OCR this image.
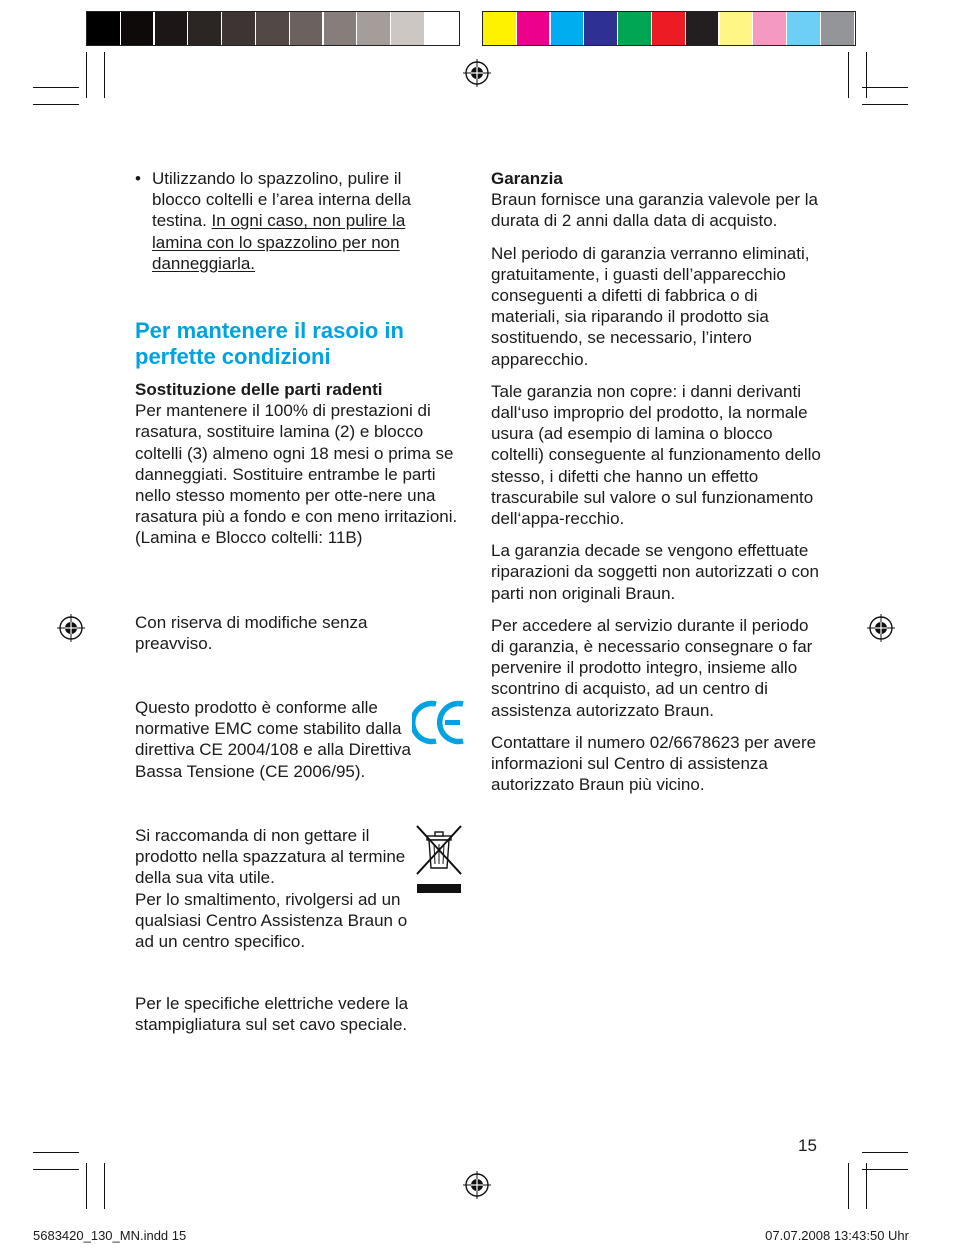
• Utilizzando lo spazzolino, pulire il blocco coltelli e l’area interna della testina. In ogni caso, non pulire la lamina con lo spazzolino per non danneggiarla.
Per mantenere il rasoio in perfette condizioni

Sostituzione delle parti radenti

Per mantenere il 100% di prestazioni di rasatura, sostituire lamina (2) e blocco coltelli (3) almeno ogni 18 mesi o prima se danneggiati. Sostituire entrambe le parti nello stesso momento per otte-nere una rasatura più a fondo e con meno irritazioni.

(Lamina e Blocco coltelli: 11B)

Con riserva di modifiche senza preavviso.

Questo prodotto è conforme alle normative EMC come stabilito dalla direttiva CE 2004/108 e alla Direttiva Bassa Tensione (CE 2006/95).

Si raccomanda di non gettare il prodotto nella spazzatura al termine della sua vita utile.

Per lo smaltimento, rivolgersi ad un qualsiasi Centro Assistenza Braun o ad un centro specifico.

Per le specifiche elettriche vedere la stampigliatura sul set cavo speciale.

Garanzia

Braun fornisce una garanzia valevole per la durata di 2 anni dalla data di acquisto.

Nel periodo di garanzia verranno eliminati, gratuitamente, i guasti dell’apparecchio conseguenti a difetti di fabbrica o di materiali, sia riparando il prodotto sia sostituendo, se necessario, l’intero apparecchio.

Tale garanzia non copre: i danni derivanti dall‘uso improprio del prodotto, la normale usura (ad esempio di lamina o blocco coltelli) conseguente al funzionamento dello stesso, i difetti che hanno un effetto trascurabile sul valore o sul funzionamento dell‘appa-recchio.

La garanzia decade se vengono effettuate riparazioni da soggetti non autorizzati o con parti non originali Braun.

Per accedere al servizio durante il periodo di garanzia, è necessario consegnare o far pervenire il prodotto integro, insieme allo scontrino di acquisto, ad un centro di assistenza autorizzato Braun.

Contattare il numero 02/6678623 per avere informazioni sul Centro di assistenza autorizzato Braun più vicino.

15
5683420_130_MN.indd 15	07.07.2008 13:43:50 Uhr
